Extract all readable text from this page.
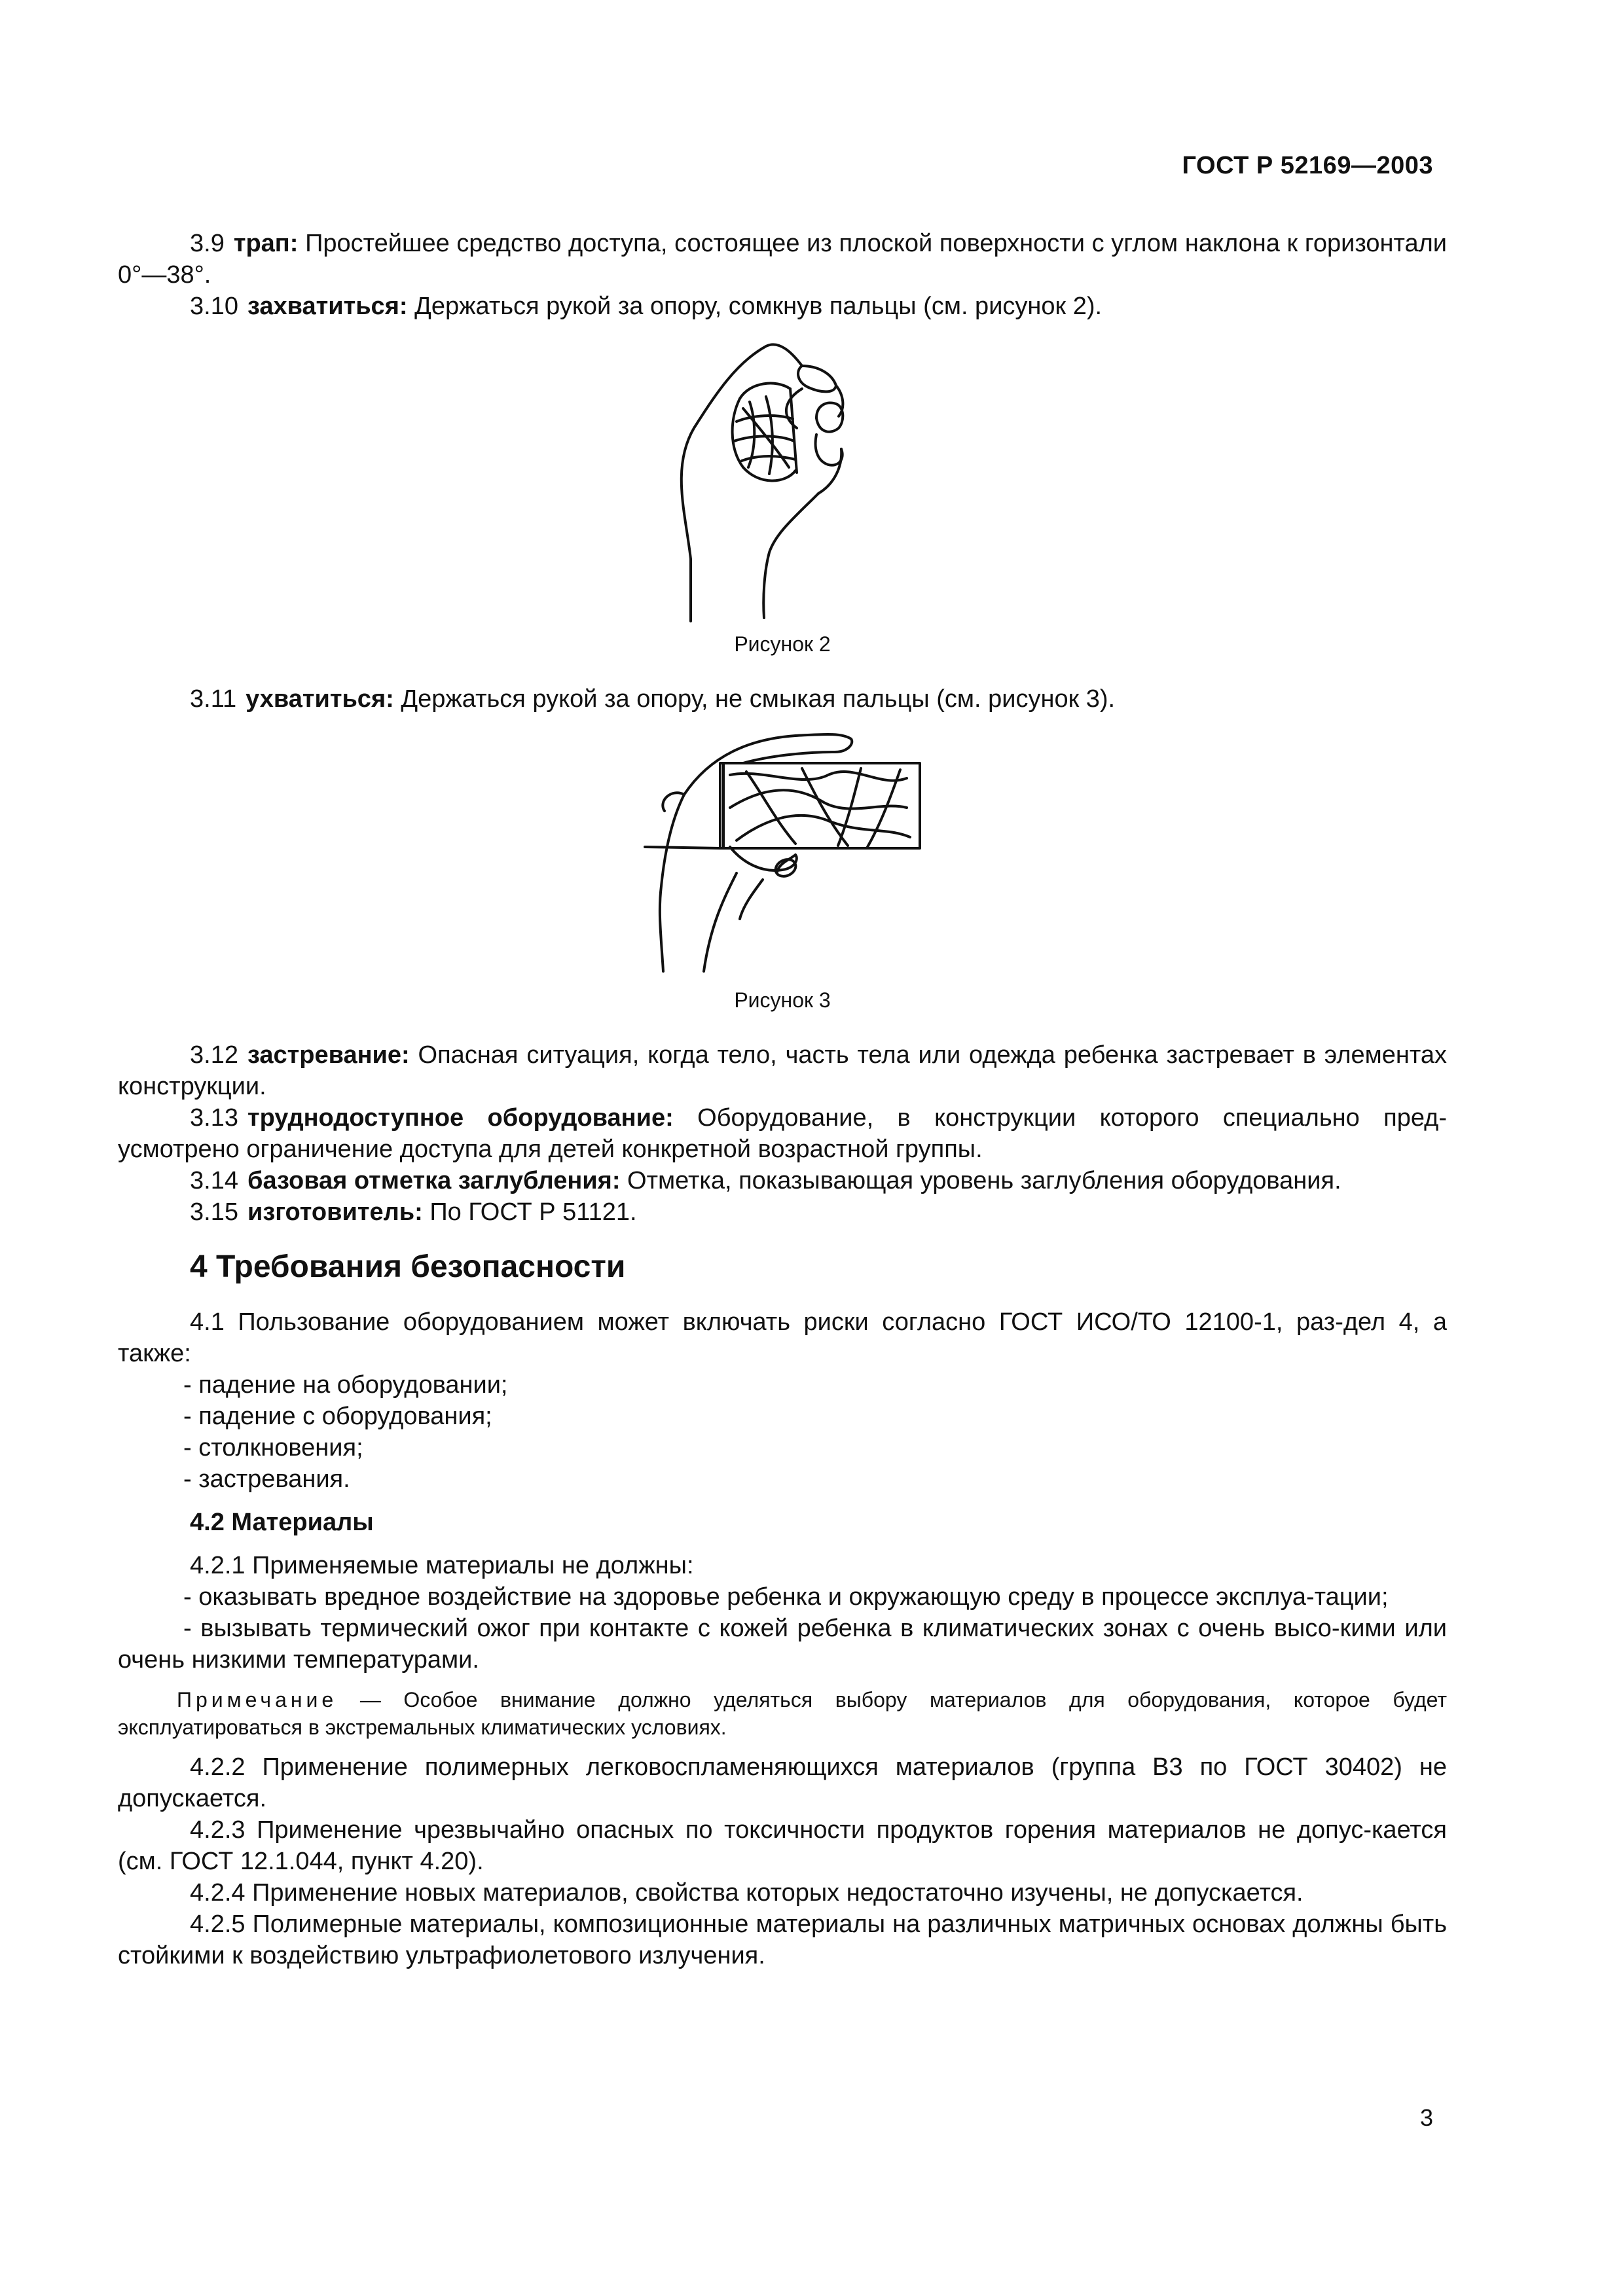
ГОСТ Р 52169—2003

3.9 трап: Простейшее средство доступа, состоящее из плоской поверхности с углом наклона к горизонтали 0°—38°.

3.10 захватиться: Держаться рукой за опору, сомкнув пальцы (см. рисунок 2).

Рисунок 2

3.11 ухватиться: Держаться рукой за опору, не смыкая пальцы (см. рисунок 3).

Рисунок 3

3.12 застревание: Опасная ситуация, когда тело, часть тела или одежда ребенка застревает в элементах конструкции.

3.13 труднодоступное оборудование: Оборудование, в конструкции которого специально пред-усмотрено ограничение доступа для детей конкретной возрастной группы.

3.14 базовая отметка заглубления: Отметка, показывающая уровень заглубления оборудования.

3.15 изготовитель: По ГОСТ Р 51121.

4 Требования безопасности

4.1 Пользование оборудованием может включать риски согласно ГОСТ ИСО/ТО 12100-1, раз-дел 4, а также:

- падение на оборудовании;

- падение с оборудования;

- столкновения;

- застревания.

4.2 Материалы

4.2.1 Применяемые материалы не должны:

- оказывать вредное воздействие на здоровье ребенка и окружающую среду в процессе эксплуа-тации;

- вызывать термический ожог при контакте с кожей ребенка в климатических зонах с очень высо-кими или очень низкими температурами.

Примечание — Особое внимание должно уделяться выбору материалов для оборудования, которое будет эксплуатироваться в экстремальных климатических условиях.

4.2.2 Применение полимерных легковоспламеняющихся материалов (группа В3 по ГОСТ 30402) не допускается.

4.2.3 Применение чрезвычайно опасных по токсичности продуктов горения материалов не допус-кается (см. ГОСТ 12.1.044, пункт 4.20).

4.2.4 Применение новых материалов, свойства которых недостаточно изучены, не допускается.

4.2.5 Полимерные материалы, композиционные материалы на различных матричных основах должны быть стойкими к воздействию ультрафиолетового излучения.

3
